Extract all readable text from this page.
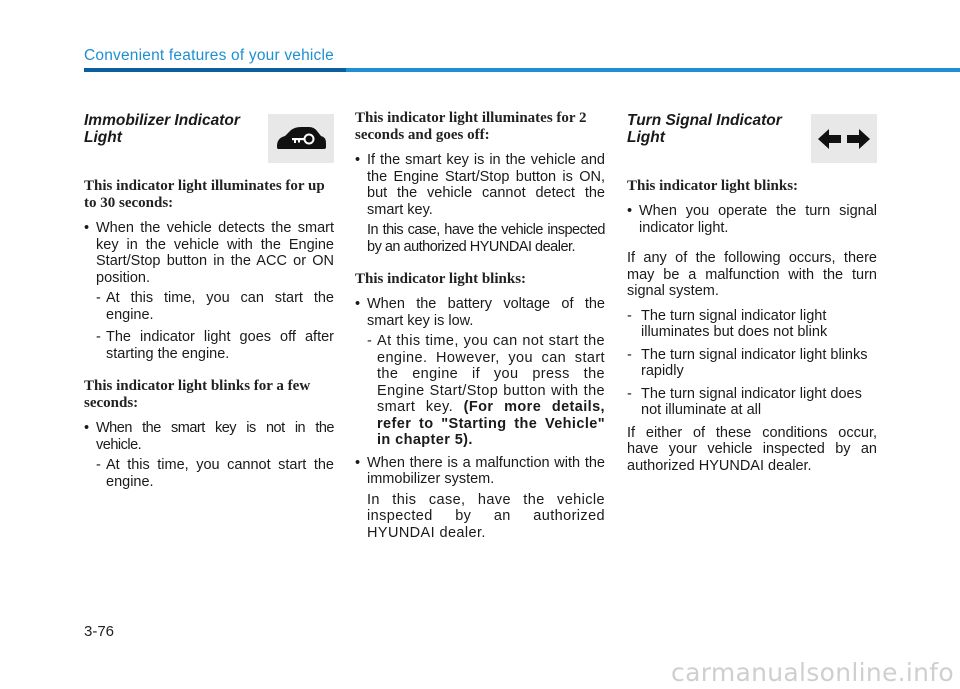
Convenient features of your vehicle
Immobilizer Indicator Light
This indicator light illuminates for up to 30 seconds:
• When the vehicle detects the smart key in the vehicle with the Engine Start/Stop button in the ACC or ON position.
- At this time, you can start the engine.
- The indicator light goes off after starting the engine.
This indicator light blinks for a few seconds:
• When the smart key is not in the vehicle.
- At this time, you cannot start the engine.
This indicator light illuminates for 2 seconds and goes off:
• If the smart key is in the vehicle and the Engine Start/Stop button is ON, but the vehicle cannot detect the smart key.
In this case, have the vehicle inspected by an authorized HYUNDAI dealer.
This indicator light blinks:
• When the battery voltage of the smart key is low.
- At this time, you can not start the engine. However, you can start the engine if you press the Engine Start/Stop button with the smart key. (For more details, refer to "Starting the Vehicle" in chapter 5).
• When there is a malfunction with the immobilizer system.
In this case, have the vehicle inspected by an authorized HYUNDAI dealer.
Turn Signal Indicator Light
This indicator light blinks:
• When you operate the turn signal indicator light.
If any of the following occurs, there may be a malfunction with the turn signal system.
- The turn signal indicator light illuminates but does not blink
- The turn signal indicator light blinks rapidly
- The turn signal indicator light does not illuminate at all
If either of these conditions occur, have your vehicle inspected by an authorized HYUNDAI dealer.
3-76
carmanualsonline.info
